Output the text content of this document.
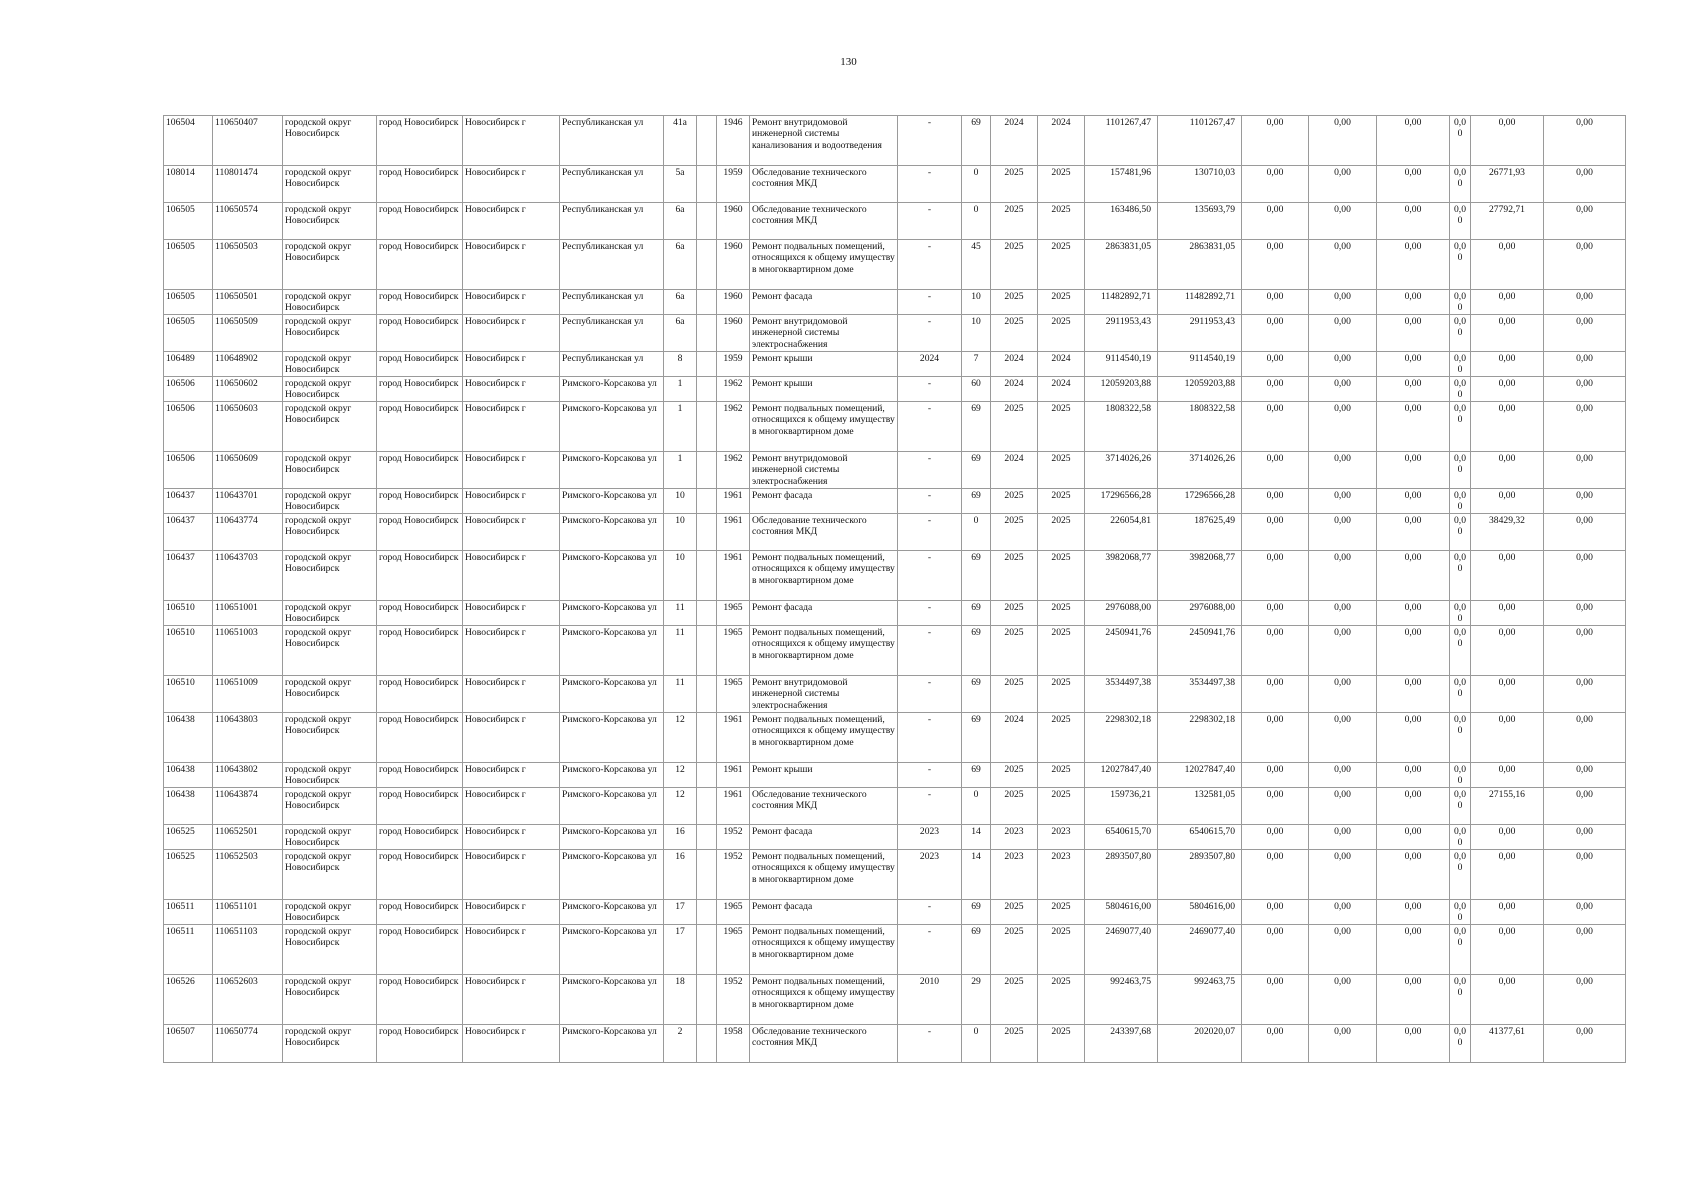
130
106504	110650407	городской округ Новосибирск	город Новосибирск	Новосибирск г	Республиканская ул	41а		1946	Ремонт внутридомовой инженерной системы канализования и водоотведения	-	69	2024	2024	1101267,47	1101267,47	0,00	0,00	0,00	0,00	0,00	0,00
108014	110801474	городской округ Новосибирск	город Новосибирск	Новосибирск г	Республиканская ул	5а		1959	Обследование технического состояния МКД	-	0	2025	2025	157481,96	130710,03	0,00	0,00	0,00	0,00	26771,93	0,00
106505	110650574	городской округ Новосибирск	город Новосибирск	Новосибирск г	Республиканская ул	6а		1960	Обследование технического состояния МКД	-	0	2025	2025	163486,50	135693,79	0,00	0,00	0,00	0,00	27792,71	0,00
106505	110650503	городской округ Новосибирск	город Новосибирск	Новосибирск г	Республиканская ул	6а		1960	Ремонт подвальных помещений, относящихся к общему имуществу в многоквартирном доме	-	45	2025	2025	2863831,05	2863831,05	0,00	0,00	0,00	0,00	0,00	0,00
106505	110650501	городской округ Новосибирск	город Новосибирск	Новосибирск г	Республиканская ул	6а		1960	Ремонт фасада	-	10	2025	2025	11482892,71	11482892,71	0,00	0,00	0,00	0,00	0,00	0,00
106505	110650509	городской округ Новосибирск	город Новосибирск	Новосибирск г	Республиканская ул	6а		1960	Ремонт внутридомовой инженерной системы электроснабжения	-	10	2025	2025	2911953,43	2911953,43	0,00	0,00	0,00	0,00	0,00	0,00
106489	110648902	городской округ Новосибирск	город Новосибирск	Новосибирск г	Республиканская ул	8		1959	Ремонт крыши	2024	7	2024	2024	9114540,19	9114540,19	0,00	0,00	0,00	0,00	0,00	0,00
106506	110650602	городской округ Новосибирск	город Новосибирск	Новосибирск г	Римского-Корсакова ул	1		1962	Ремонт крыши	-	60	2024	2024	12059203,88	12059203,88	0,00	0,00	0,00	0,00	0,00	0,00
106506	110650603	городской округ Новосибирск	город Новосибирск	Новосибирск г	Римского-Корсакова ул	1		1962	Ремонт подвальных помещений, относящихся к общему имуществу в многоквартирном доме	-	69	2025	2025	1808322,58	1808322,58	0,00	0,00	0,00	0,00	0,00	0,00
106506	110650609	городской округ Новосибирск	город Новосибирск	Новосибирск г	Римского-Корсакова ул	1		1962	Ремонт внутридомовой инженерной системы электроснабжения	-	69	2024	2025	3714026,26	3714026,26	0,00	0,00	0,00	0,00	0,00	0,00
106437	110643701	городской округ Новосибирск	город Новосибирск	Новосибирск г	Римского-Корсакова ул	10		1961	Ремонт фасада	-	69	2025	2025	17296566,28	17296566,28	0,00	0,00	0,00	0,00	0,00	0,00
106437	110643774	городской округ Новосибирск	город Новосибирск	Новосибирск г	Римского-Корсакова ул	10		1961	Обследование технического состояния МКД	-	0	2025	2025	226054,81	187625,49	0,00	0,00	0,00	0,00	38429,32	0,00
106437	110643703	городской округ Новосибирск	город Новосибирск	Новосибирск г	Римского-Корсакова ул	10		1961	Ремонт подвальных помещений, относящихся к общему имуществу в многоквартирном доме	-	69	2025	2025	3982068,77	3982068,77	0,00	0,00	0,00	0,00	0,00	0,00
106510	110651001	городской округ Новосибирск	город Новосибирск	Новосибирск г	Римского-Корсакова ул	11		1965	Ремонт фасада	-	69	2025	2025	2976088,00	2976088,00	0,00	0,00	0,00	0,00	0,00	0,00
106510	110651003	городской округ Новосибирск	город Новосибирск	Новосибирск г	Римского-Корсакова ул	11		1965	Ремонт подвальных помещений, относящихся к общему имуществу в многоквартирном доме	-	69	2025	2025	2450941,76	2450941,76	0,00	0,00	0,00	0,00	0,00	0,00
106510	110651009	городской округ Новосибирск	город Новосибирск	Новосибирск г	Римского-Корсакова ул	11		1965	Ремонт внутридомовой инженерной системы электроснабжения	-	69	2025	2025	3534497,38	3534497,38	0,00	0,00	0,00	0,00	0,00	0,00
106438	110643803	городской округ Новосибирск	город Новосибирск	Новосибирск г	Римского-Корсакова ул	12		1961	Ремонт подвальных помещений, относящихся к общему имуществу в многоквартирном доме	-	69	2024	2025	2298302,18	2298302,18	0,00	0,00	0,00	0,00	0,00	0,00
106438	110643802	городской округ Новосибирск	город Новосибирск	Новосибирск г	Римского-Корсакова ул	12		1961	Ремонт крыши	-	69	2025	2025	12027847,40	12027847,40	0,00	0,00	0,00	0,00	0,00	0,00
106438	110643874	городской округ Новосибирск	город Новосибирск	Новосибирск г	Римского-Корсакова ул	12		1961	Обследование технического состояния МКД	-	0	2025	2025	159736,21	132581,05	0,00	0,00	0,00	0,00	27155,16	0,00
106525	110652501	городской округ Новосибирск	город Новосибирск	Новосибирск г	Римского-Корсакова ул	16		1952	Ремонт фасада	2023	14	2023	2023	6540615,70	6540615,70	0,00	0,00	0,00	0,00	0,00	0,00
106525	110652503	городской округ Новосибирск	город Новосибирск	Новосибирск г	Римского-Корсакова ул	16		1952	Ремонт подвальных помещений, относящихся к общему имуществу в многоквартирном доме	2023	14	2023	2023	2893507,80	2893507,80	0,00	0,00	0,00	0,00	0,00	0,00
106511	110651101	городской округ Новосибирск	город Новосибирск	Новосибирск г	Римского-Корсакова ул	17		1965	Ремонт фасада	-	69	2025	2025	5804616,00	5804616,00	0,00	0,00	0,00	0,00	0,00	0,00
106511	110651103	городской округ Новосибирск	город Новосибирск	Новосибирск г	Римского-Корсакова ул	17		1965	Ремонт подвальных помещений, относящихся к общему имуществу в многоквартирном доме	-	69	2025	2025	2469077,40	2469077,40	0,00	0,00	0,00	0,00	0,00	0,00
106526	110652603	городской округ Новосибирск	город Новосибирск	Новосибирск г	Римского-Корсакова ул	18		1952	Ремонт подвальных помещений, относящихся к общему имуществу в многоквартирном доме	2010	29	2025	2025	992463,75	992463,75	0,00	0,00	0,00	0,00	0,00	0,00
106507	110650774	городской округ Новосибирск	город Новосибирск	Новосибирск г	Римского-Корсакова ул	2		1958	Обследование технического состояния МКД	-	0	2025	2025	243397,68	202020,07	0,00	0,00	0,00	0,00	41377,61	0,00
